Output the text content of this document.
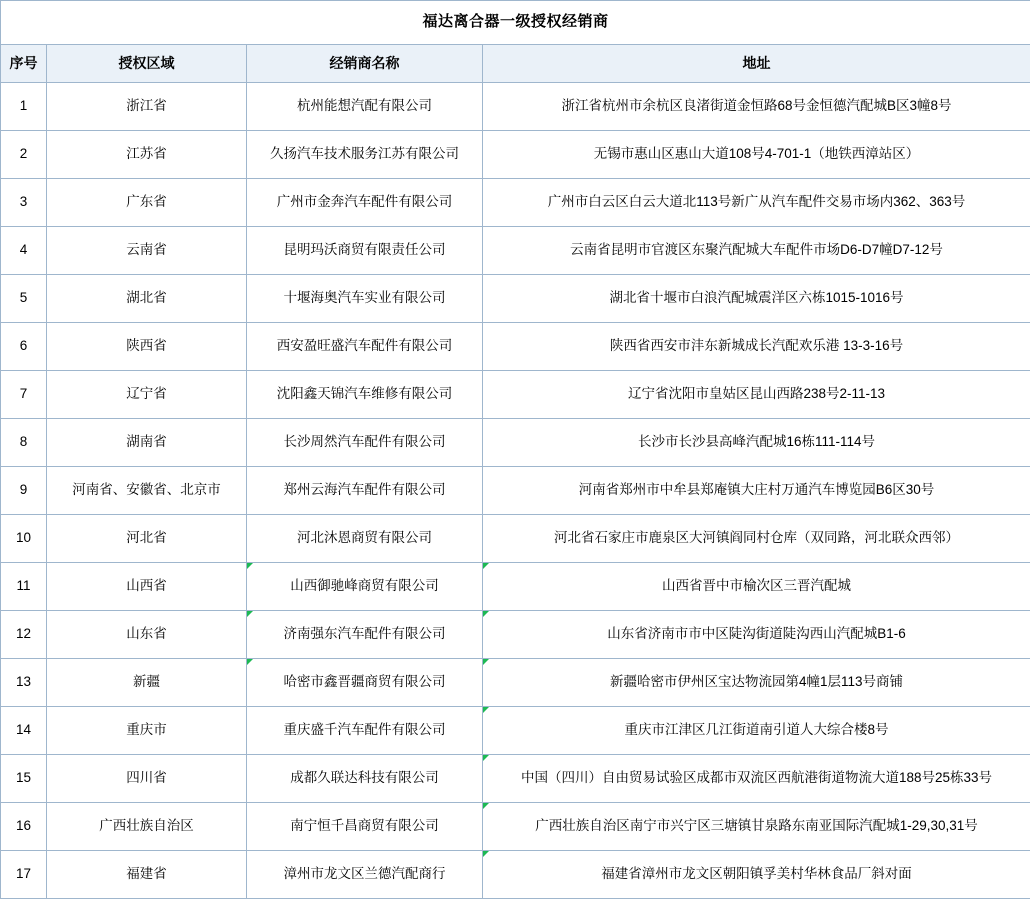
福达离合器一级授权经销商			
序号	授权区域	经销商名称	地址
1	浙江省	杭州能想汽配有限公司	浙江省杭州市余杭区良渚街道金恒路68号金恒德汽配城B区3幢8号
2	江苏省	久扬汽车技术服务江苏有限公司	无锡市惠山区惠山大道108号4-701-1（地铁西漳站区）
3	广东省	广州市金奔汽车配件有限公司	广州市白云区白云大道北113号新广从汽车配件交易市场内362、363号
4	云南省	昆明玛沃商贸有限责任公司	云南省昆明市官渡区东聚汽配城大车配件市场D6-D7幢D7-12号
5	湖北省	十堰海奥汽车实业有限公司	湖北省十堰市白浪汽配城震洋区六栋1015-1016号
6	陕西省	西安盈旺盛汽车配件有限公司	陕西省西安市沣东新城成长汽配欢乐港 13-3-16号
7	辽宁省	沈阳鑫天锦汽车维修有限公司	辽宁省沈阳市皇姑区昆山西路238号2-11-13
8	湖南省	长沙周然汽车配件有限公司	长沙市长沙县高峰汽配城16栋111-114号
9	河南省、安徽省、北京市	郑州云海汽车配件有限公司	河南省郑州市中牟县郑庵镇大庄村万通汽车博览园B6区30号
10	河北省	河北沐恩商贸有限公司	河北省石家庄市鹿泉区大河镇阎同村仓库（双同路，河北联众西邻）
11	山西省	山西御驰峰商贸有限公司	山西省晋中市榆次区三晋汽配城
12	山东省	济南强东汽车配件有限公司	山东省济南市市中区陡沟街道陡沟西山汽配城B1-6
13	新疆	哈密市鑫晋疆商贸有限公司	新疆哈密市伊州区宝达物流园第4幢1层113号商铺
14	重庆市	重庆盛千汽车配件有限公司	重庆市江津区几江街道南引道人大综合楼8号
15	四川省	成都久联达科技有限公司	中国（四川）自由贸易试验区成都市双流区西航港街道物流大道188号25栋33号
16	广西壮族自治区	南宁恒千昌商贸有限公司	广西壮族自治区南宁市兴宁区三塘镇甘泉路东南亚国际汽配城1-29,30,31号
17	福建省	漳州市龙文区兰德汽配商行	福建省漳州市龙文区朝阳镇孚美村华林食品厂斜对面
